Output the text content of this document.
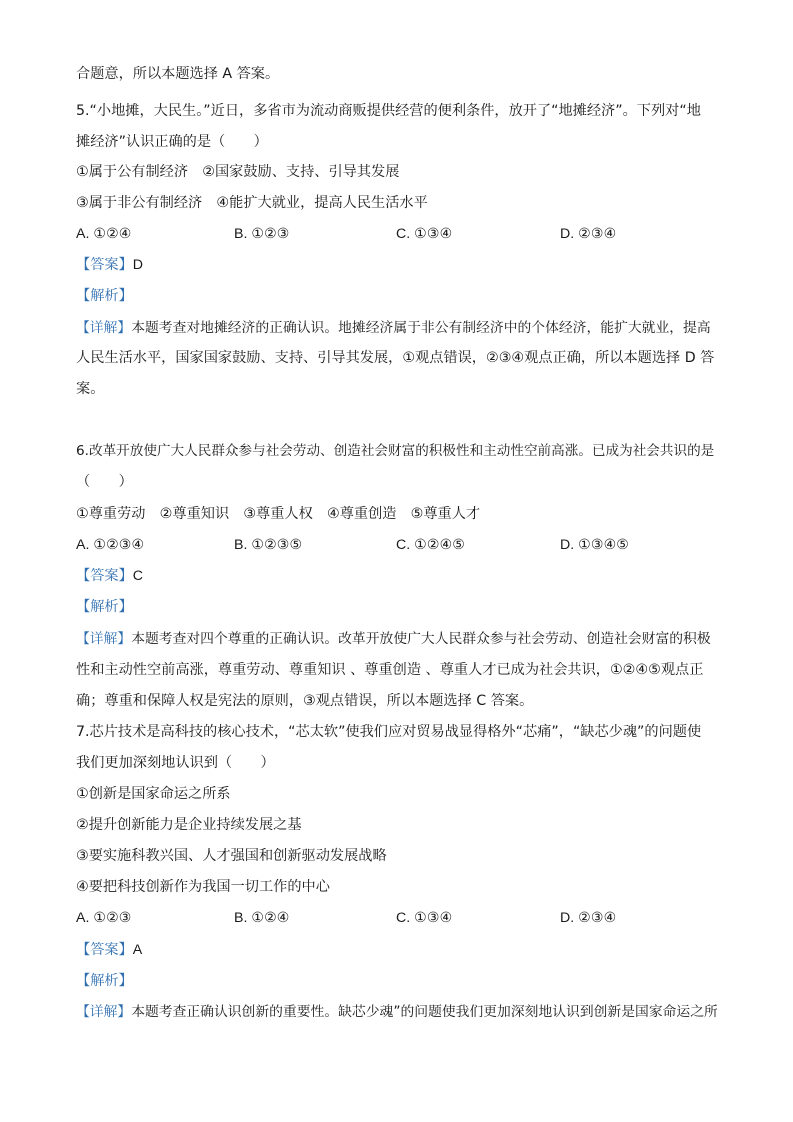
合题意，所以本题选择 A 答案。
5.“小地摊，大民生。”近日，多省市为流动商贩提供经营的便利条件，放开了“地摊经济”。下列对“地
摊经济”认识正确的是（　　）
①属于公有制经济　②国家鼓励、支持、引导其发展
③属于非公有制经济　④能扩大就业，提高人民生活水平
A. ①②④	B. ①②③	C. ①③④	D. ②③④
【答案】D
【解析】
【详解】本题考查对地摊经济的正确认识。地摊经济属于非公有制经济中的个体经济，能扩大就业，提高
人民生活水平，国家国家鼓励、支持、引导其发展，①观点错误，②③④观点正确，所以本题选择 D 答
案。
6.改革开放使广大人民群众参与社会劳动、创造社会财富的积极性和主动性空前高涨。已成为社会共识的是
（　　）
①尊重劳动　②尊重知识　③尊重人权　④尊重创造　⑤尊重人才
A. ①②③④	B. ①②③⑤	C. ①②④⑤	D. ①③④⑤
【答案】C
【解析】
【详解】本题考查对四个尊重的正确认识。改革开放使广大人民群众参与社会劳动、创造社会财富的积极
性和主动性空前高涨，尊重劳动、尊重知识 、尊重创造 、尊重人才已成为社会共识，①②④⑤观点正
确；尊重和保障人权是宪法的原则，③观点错误，所以本题选择 C 答案。
7.芯片技术是高科技的核心技术，“芯太软”使我们应对贸易战显得格外“芯痛”，“缺芯少魂”的问题使
我们更加深刻地认识到（　　）
①创新是国家命运之所系
②提升创新能力是企业持续发展之基
③要实施科教兴国、人才强国和创新驱动发展战略
④要把科技创新作为我国一切工作的中心
A. ①②③	B. ①②④	C. ①③④	D. ②③④
【答案】A
【解析】
【详解】本题考查正确认识创新的重要性。缺芯少魂”的问题使我们更加深刻地认识到创新是国家命运之所
